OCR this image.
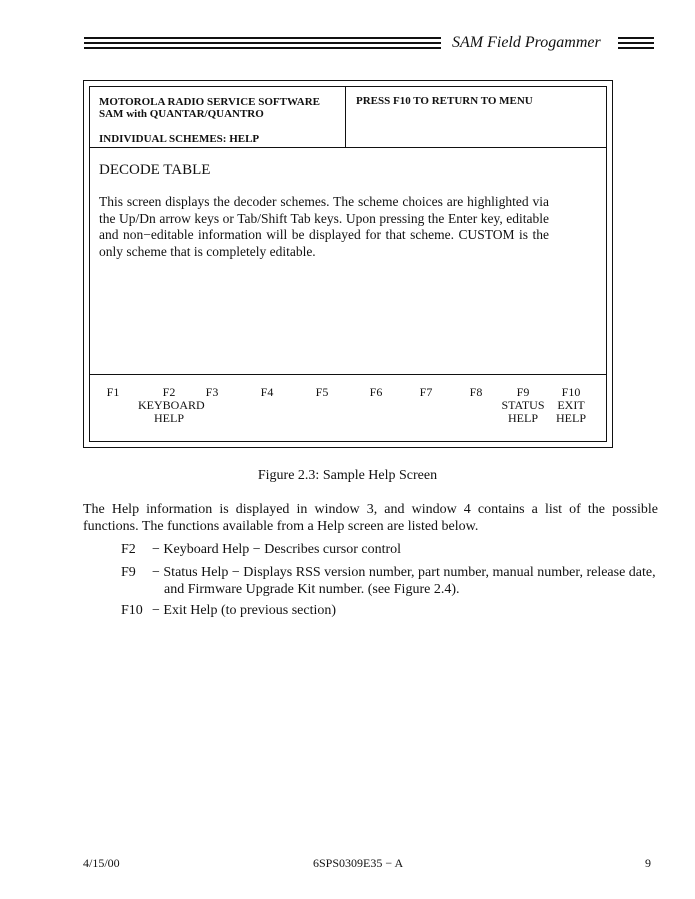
SAM Field Progammer
MOTOROLA RADIO SERVICE SOFTWARE
SAM with QUANTAR/QUANTRO
INDIVIDUAL SCHEMES: HELP
PRESS F10 TO RETURN TO MENU
DECODE TABLE
This screen displays the decoder schemes. The scheme choices are highlighted via the Up/Dn arrow keys or Tab/Shift Tab keys. Upon pressing the Enter key, editable and non−editable information will be displayed for that scheme. CUSTOM is the only scheme that is completely editable.
F1	F2
KEYBOARD
HELP
F3	F4	F5	F6	F7	F8	F9
STATUS
HELP
F10
EXIT
HELP
Figure 2.3: Sample Help Screen
The Help information is displayed in window 3, and window 4 contains a list of the possible functions. The functions available from a Help screen are listed below.
F2 − Keyboard Help − Describes cursor control
F9 − Status Help − Displays RSS version number, part number, manual number, release date, and Firmware Upgrade Kit number. (see Figure 2.4).
F10 − Exit Help (to previous section)
4/15/00	6SPS0309E35 − A	9
